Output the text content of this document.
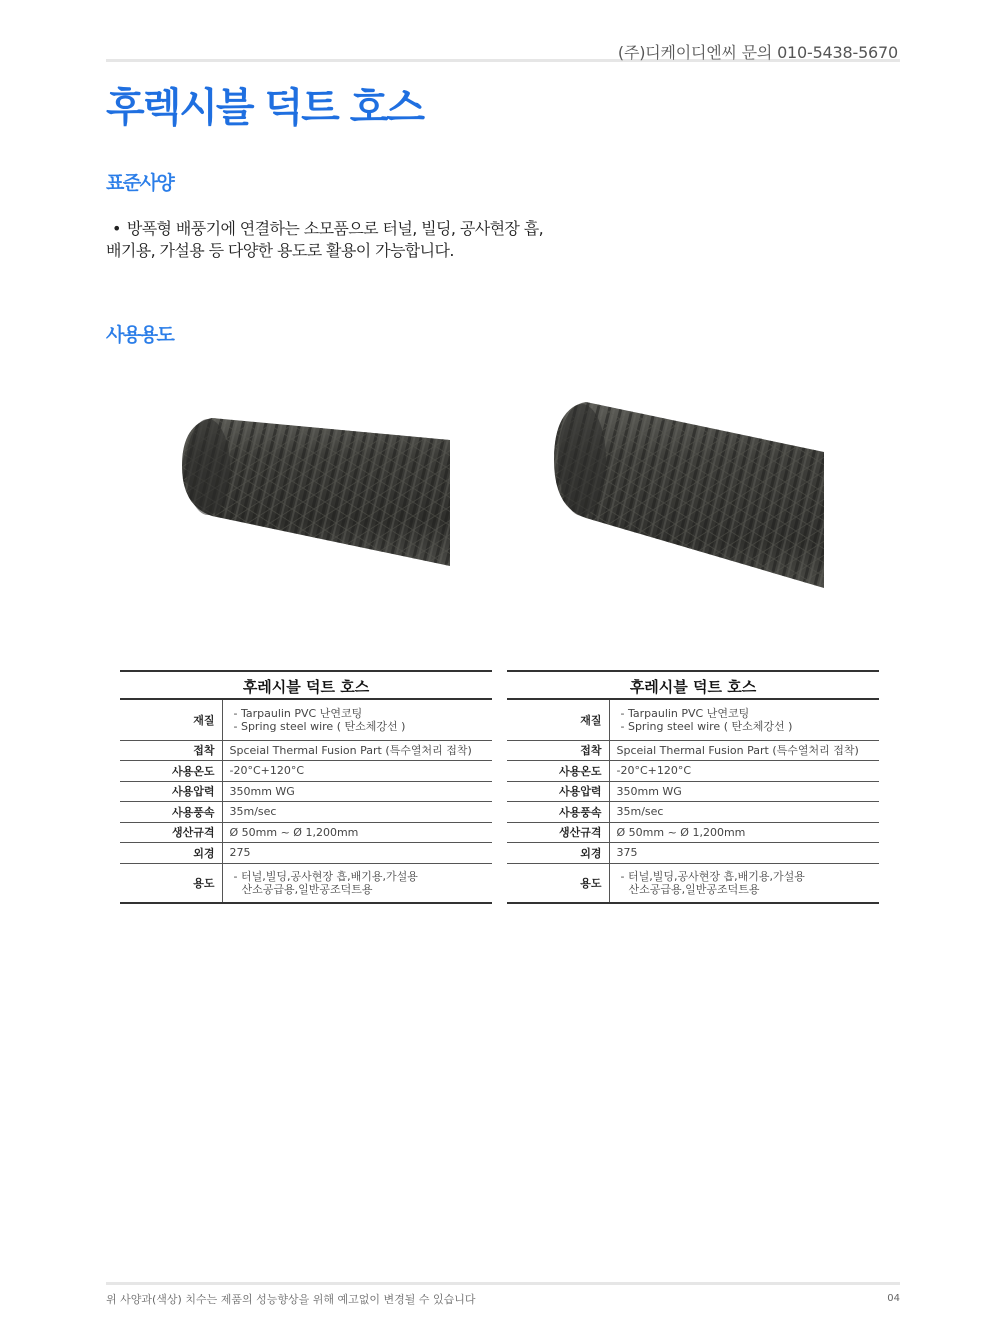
(주)디케이디엔씨 문의 010-5438-5670
후렉시블 덕트 호스
표준사양
• 방폭형 배풍기에 연결하는 소모품으로 터널, 빌딩, 공사현장 흡,
배기용, 가설용 등 다양한 용도로 활용이 가능합니다.
사용용도
후레시블 덕트 호스	
재질	- Tarpaulin PVC 난연코팅
- Spring steel wire ( 탄소체강선 )

접착	Spceial Thermal Fusion Part (특수열처리 접착)
사용온도	-20°C+120°C
사용압력	350mm WG
사용풍속	35m/sec
생산규격	Ø 50mm ~ Ø 1,200mm
외경	275
용도	- 터널,빌딩,공사현장 흡,배기용,가설용
산소공급용,일반공조덕트용
후레시블 덕트 호스	
재질	- Tarpaulin PVC 난연코팅
- Spring steel wire ( 탄소체강선 )

접착	Spceial Thermal Fusion Part (특수열처리 접착)
사용온도	-20°C+120°C
사용압력	350mm WG
사용풍속	35m/sec
생산규격	Ø 50mm ~ Ø 1,200mm
외경	375
용도	- 터널,빌딩,공사현장 흡,배기용,가설용
산소공급용,일반공조덕트용
위 사양과(색상) 치수는 제품의 성능향상을 위해 예고없이 변경될 수 있습니다	04
